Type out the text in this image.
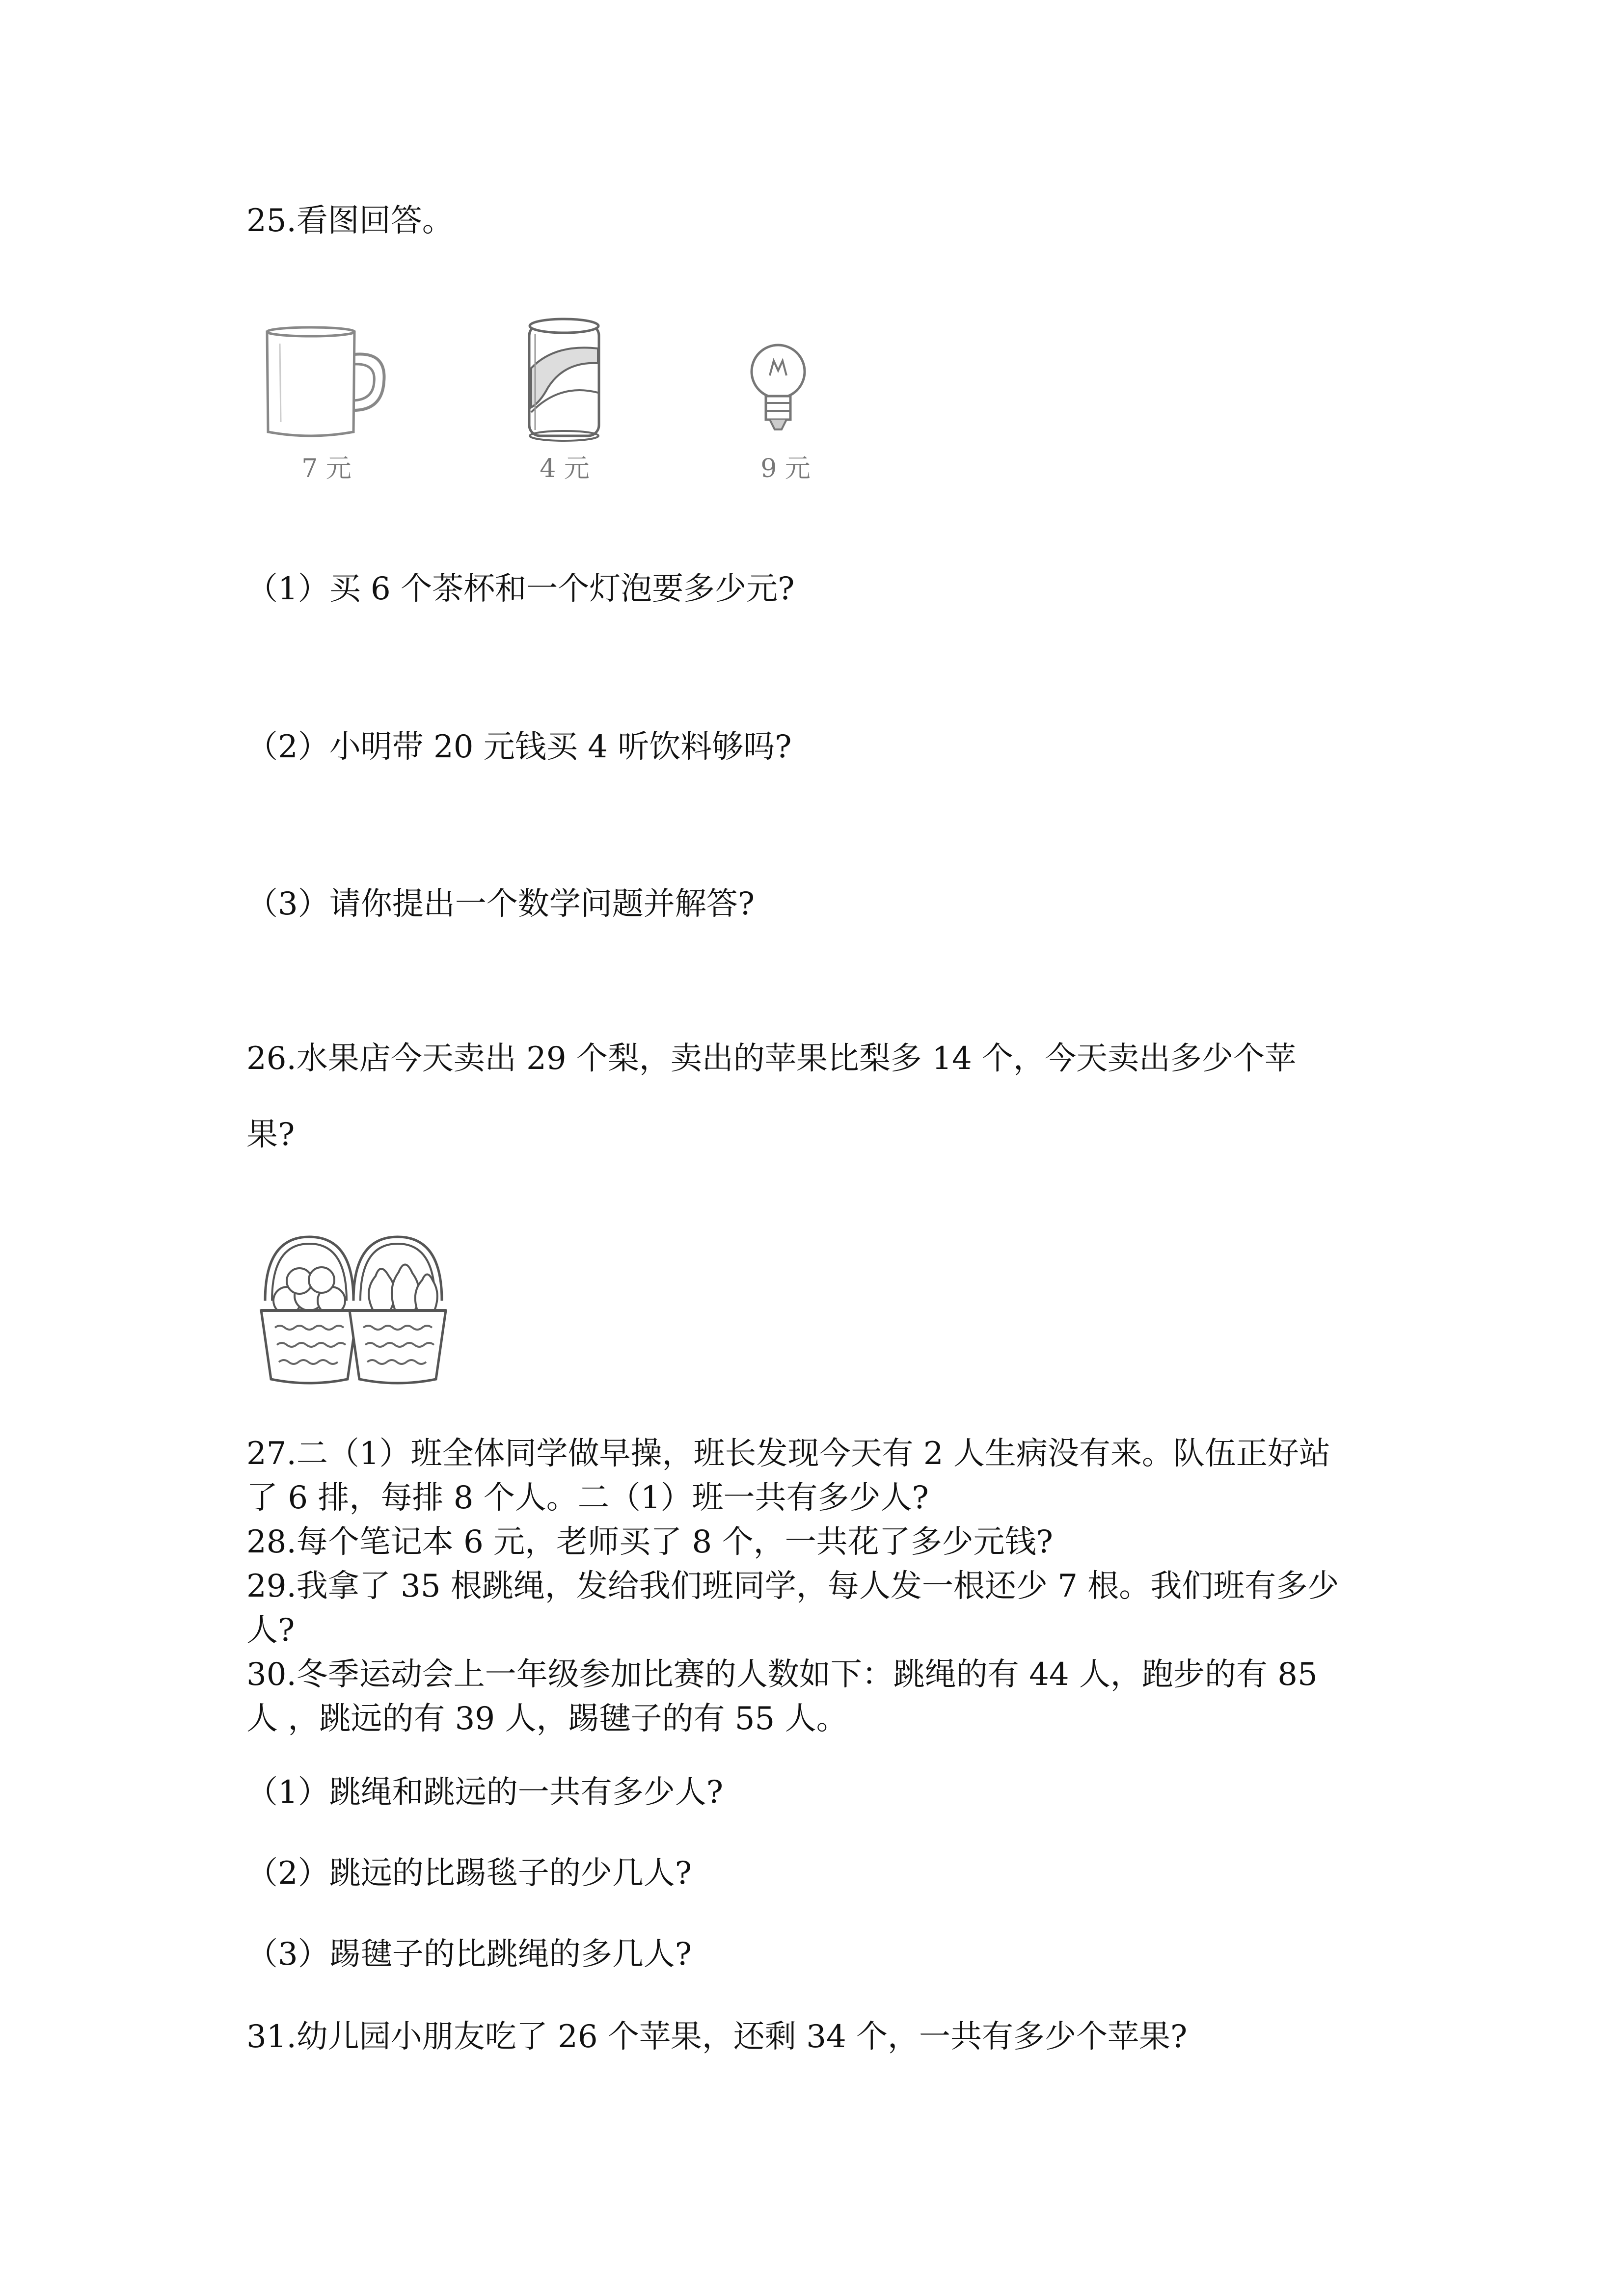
25.看图回答。

7 元	4 元	9 元

（1）买 6 个茶杯和一个灯泡要多少元?

（2）小明带 20 元钱买 4 听饮料够吗?

（3）请你提出一个数学问题并解答?

26.水果店今天卖出 29 个梨，卖出的苹果比梨多 14 个，今天卖出多少个苹

果?

27.二（1）班全体同学做早操，班长发现今天有 2 人生病没有来。队伍正好站

了 6 排，每排 8 个人。二（1）班一共有多少人?

28.每个笔记本 6 元，老师买了 8 个，一共花了多少元钱?

29.我拿了 35 根跳绳，发给我们班同学，每人发一根还少 7 根。我们班有多少

人?

30.冬季运动会上一年级参加比赛的人数如下：跳绳的有 44 人，跑步的有 85

人 ，跳远的有 39 人，踢毽子的有 55 人。

（1）跳绳和跳远的一共有多少人?

（2）跳远的比踢毯子的少几人?

（3）踢毽子的比跳绳的多几人?

31.幼儿园小朋友吃了 26 个苹果，还剩 34 个，一共有多少个苹果?
